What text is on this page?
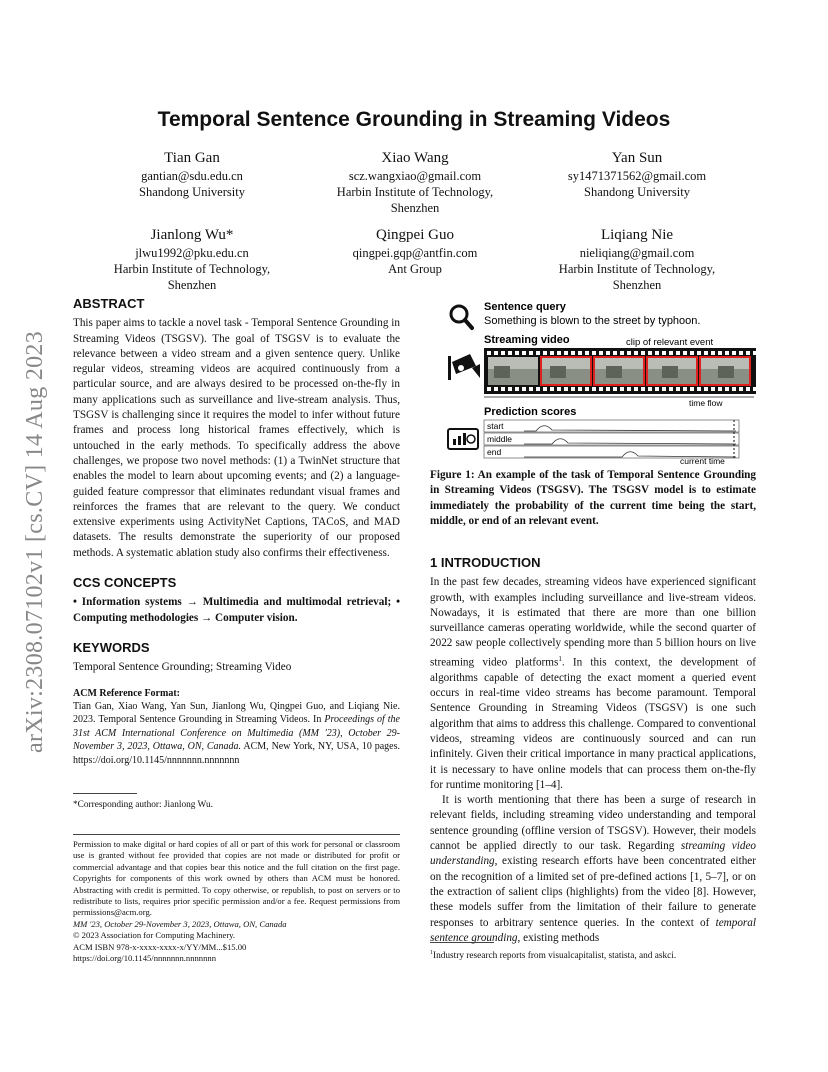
arXiv:2308.07102v1 [cs.CV] 14 Aug 2023
Temporal Sentence Grounding in Streaming Videos
Tian Gan
gantian@sdu.edu.cn
Shandong University
Xiao Wang
scz.wangxiao@gmail.com
Harbin Institute of Technology,
Shenzhen
Yan Sun
sy1471371562@gmail.com
Shandong University
Jianlong Wu*
jlwu1992@pku.edu.cn
Harbin Institute of Technology,
Shenzhen
Qingpei Guo
qingpei.gqp@antfin.com
Ant Group
Liqiang Nie
nieliqiang@gmail.com
Harbin Institute of Technology,
Shenzhen
ABSTRACT

This paper aims to tackle a novel task - Temporal Sentence Grounding in Streaming Videos (TSGSV). The goal of TSGSV is to evaluate the relevance between a video stream and a given sentence query. Unlike regular videos, streaming videos are acquired continuously from a particular source, and are always desired to be processed on-the-fly in many applications such as surveillance and live-stream analysis. Thus, TSGSV is challenging since it requires the model to infer without future frames and process long historical frames effectively, which is untouched in the early methods. To specifically address the above challenges, we propose two novel methods: (1) a TwinNet structure that enables the model to learn about upcoming events; and (2) a language-guided feature compressor that eliminates redundant visual frames and reinforces the frames that are relevant to the query. We conduct extensive experiments using ActivityNet Captions, TACoS, and MAD datasets. The results demonstrate the superiority of our proposed methods. A systematic ablation study also confirms their effectiveness.

CCS CONCEPTS

• Information systems → Multimedia and multimodal retrieval; • Computing methodologies → Computer vision.

KEYWORDS

Temporal Sentence Grounding; Streaming Video

ACM Reference Format:

Tian Gan, Xiao Wang, Yan Sun, Jianlong Wu, Qingpei Guo, and Liqiang Nie. 2023. Temporal Sentence Grounding in Streaming Videos. In Proceedings of the 31st ACM International Conference on Multimedia (MM '23), October 29-November 3, 2023, Ottawa, ON, Canada. ACM, New York, NY, USA, 10 pages. https://doi.org/10.1145/nnnnnnn.nnnnnnn

*Corresponding author: Jianlong Wu.

Permission to make digital or hard copies of all or part of this work for personal or classroom use is granted without fee provided that copies are not made or distributed for profit or commercial advantage and that copies bear this notice and the full citation on the first page. Copyrights for components of this work owned by others than ACM must be honored. Abstracting with credit is permitted. To copy otherwise, or republish, to post on servers or to redistribute to lists, requires prior specific permission and/or a fee. Request permissions from permissions@acm.org.

MM '23, October 29-November 3, 2023, Ottawa, ON, Canada

© 2023 Association for Computing Machinery.

ACM ISBN 978-x-xxxx-xxxx-x/YY/MM...$15.00

https://doi.org/10.1145/nnnnnnn.nnnnnnn

Sentence query
Something is blown to the street by typhoon.
Streaming video	clip of relevant event
time flow
Prediction scores
start
middle
end
current time
Figure 1: An example of the task of Temporal Sentence Grounding in Streaming Videos (TSGSV). The TSGSV model is to estimate immediately the probability of the current time being the start, middle, or end of an relevant event.
1 INTRODUCTION

In the past few decades, streaming videos have experienced significant growth, with examples including surveillance and live-stream videos. Nowadays, it is estimated that there are more than one billion surveillance cameras operating worldwide, while the second quarter of 2022 saw people collectively spending more than 5 billion hours on live streaming video platforms$^1$. In this context, the development of algorithms capable of detecting the exact moment a queried event occurs in real-time video streams has become paramount. Temporal Sentence Grounding in Streaming Videos (TSGSV) is one such algorithm that aims to address this challenge. Compared to conventional videos, streaming videos are continuously sourced and can run infinitely. Given their critical importance in many practical applications, it is necessary to have online models that can process them on-the-fly for runtime monitoring [1–4].

It is worth mentioning that there has been a surge of research in relevant fields, including streaming video understanding and temporal sentence grounding (offline version of TSGSV). However, their models cannot be applied directly to our task. Regarding streaming video understanding, existing research efforts have been concentrated either on the recognition of a limited set of pre-defined actions [1, 5–7], or on the extraction of salient clips (highlights) from the video [8]. However, these models suffer from the limitation of their failure to generate responses to arbitrary sentence queries. In the context of temporal sentence grounding, existing methods

$^1$Industry research reports from visualcapitalist, statista, and askci.
